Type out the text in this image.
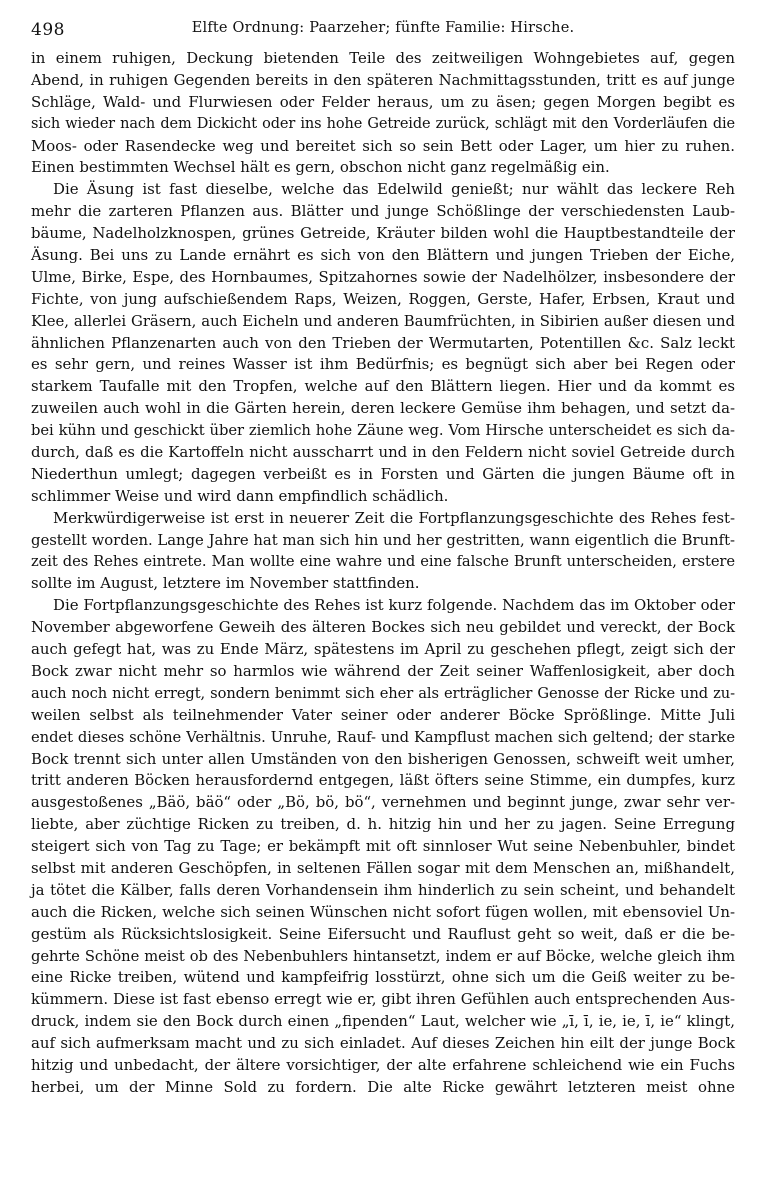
498	Elfte Ordnung: Paarzeher; fünfte Familie: Hirsche.
in einem ruhigen, Deckung bietenden Teile des zeitweiligen Wohngebietes auf, gegen
Abend, in ruhigen Gegenden bereits in den späteren Nachmittagsstunden, tritt es auf junge
Schläge, Wald- und Flurwiesen oder Felder heraus, um zu äsen; gegen Morgen begibt es
sich wieder nach dem Dickicht oder ins hohe Getreide zurück, schlägt mit den Vorderläufen die
Moos- oder Rasendecke weg und bereitet sich so sein Bett oder Lager, um hier zu ruhen.
Einen bestimmten Wechsel hält es gern, obschon nicht ganz regelmäßig ein.
Die Äsung ist fast dieselbe, welche das Edelwild genießt; nur wählt das leckere Reh
mehr die zarteren Pflanzen aus. Blätter und junge Schößlinge der verschiedensten Laub-
bäume, Nadelholzknospen, grünes Getreide, Kräuter bilden wohl die Hauptbestandteile der
Äsung. Bei uns zu Lande ernährt es sich von den Blättern und jungen Trieben der Eiche,
Ulme, Birke, Espe, des Hornbaumes, Spitzahornes sowie der Nadelhölzer, insbesondere der
Fichte, von jung aufschießendem Raps, Weizen, Roggen, Gerste, Hafer, Erbsen, Kraut und
Klee, allerlei Gräsern, auch Eicheln und anderen Baumfrüchten, in Sibirien außer diesen und
ähnlichen Pflanzenarten auch von den Trieben der Wermutarten, Potentillen &c. Salz leckt
es sehr gern, und reines Wasser ist ihm Bedürfnis; es begnügt sich aber bei Regen oder
starkem Taufalle mit den Tropfen, welche auf den Blättern liegen. Hier und da kommt es
zuweilen auch wohl in die Gärten herein, deren leckere Gemüse ihm behagen, und setzt da-
bei kühn und geschickt über ziemlich hohe Zäune weg. Vom Hirsche unterscheidet es sich da-
durch, daß es die Kartoffeln nicht ausscharrt und in den Feldern nicht soviel Getreide durch
Niederthun umlegt; dagegen verbeißt es in Forsten und Gärten die jungen Bäume oft in
schlimmer Weise und wird dann empfindlich schädlich.
Merkwürdigerweise ist erst in neuerer Zeit die Fortpflanzungsgeschichte des Rehes fest-
gestellt worden. Lange Jahre hat man sich hin und her gestritten, wann eigentlich die Brunft-
zeit des Rehes eintrete. Man wollte eine wahre und eine falsche Brunft unterscheiden, erstere
sollte im August, letztere im November stattfinden.
Die Fortpflanzungsgeschichte des Rehes ist kurz folgende. Nachdem das im Oktober oder
November abgeworfene Geweih des älteren Bockes sich neu gebildet und vereckt, der Bock
auch gefegt hat, was zu Ende März, spätestens im April zu geschehen pflegt, zeigt sich der
Bock zwar nicht mehr so harmlos wie während der Zeit seiner Waffenlosigkeit, aber doch
auch noch nicht erregt, sondern benimmt sich eher als erträglicher Genosse der Ricke und zu-
weilen selbst als teilnehmender Vater seiner oder anderer Böcke Sprößlinge. Mitte Juli
endet dieses schöne Verhältnis. Unruhe, Rauf- und Kampflust machen sich geltend; der starke
Bock trennt sich unter allen Umständen von den bisherigen Genossen, schweift weit umher,
tritt anderen Böcken herausfordernd entgegen, läßt öfters seine Stimme, ein dumpfes, kurz
ausgestoßenes „Bäö, bäö“ oder „Bö, bö, bö“, vernehmen und beginnt junge, zwar sehr ver-
liebte, aber züchtige Ricken zu treiben, d. h. hitzig hin und her zu jagen. Seine Erregung
steigert sich von Tag zu Tage; er bekämpft mit oft sinnloser Wut seine Nebenbuhler, bindet
selbst mit anderen Geschöpfen, in seltenen Fällen sogar mit dem Menschen an, mißhandelt,
ja tötet die Kälber, falls deren Vorhandensein ihm hinderlich zu sein scheint, und behandelt
auch die Ricken, welche sich seinen Wünschen nicht sofort fügen wollen, mit ebensoviel Un-
gestüm als Rücksichtslosigkeit. Seine Eifersucht und Rauflust geht so weit, daß er die be-
gehrte Schöne meist ob des Nebenbuhlers hintansetzt, indem er auf Böcke, welche gleich ihm
eine Ricke treiben, wütend und kampfeifrig losstürzt, ohne sich um die Geiß weiter zu be-
kümmern. Diese ist fast ebenso erregt wie er, gibt ihren Gefühlen auch entsprechenden Aus-
druck, indem sie den Bock durch einen „fipenden“ Laut, welcher wie „ī, ī, ie, ie, ī, ie“ klingt,
auf sich aufmerksam macht und zu sich einladet. Auf dieses Zeichen hin eilt der junge Bock
hitzig und unbedacht, der ältere vorsichtiger, der alte erfahrene schleichend wie ein Fuchs
herbei, um der Minne Sold zu fordern. Die alte Ricke gewährt letzteren meist ohne
